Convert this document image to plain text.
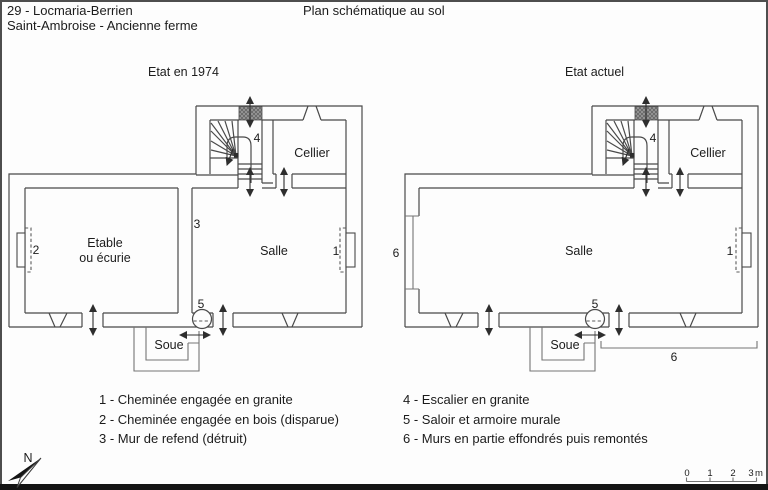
Etable
ou écurie	Salle
Cellier
Soue
1
2
3
4
5
Salle
Cellier
Soue
1
4
5
6
6
N
0 1 2 3 m
29 - Locmaria-Berrien
Saint-Ambroise - Ancienne ferme
Plan schématique au sol
Etat en 1974	Etat actuel
1 - Cheminée engagée en granite
2 - Cheminée engagée en bois (disparue)
3 - Mur de refend (détruit)
4 - Escalier en granite
5 - Saloir et armoire murale
6 - Murs en partie effondrés puis remontés
